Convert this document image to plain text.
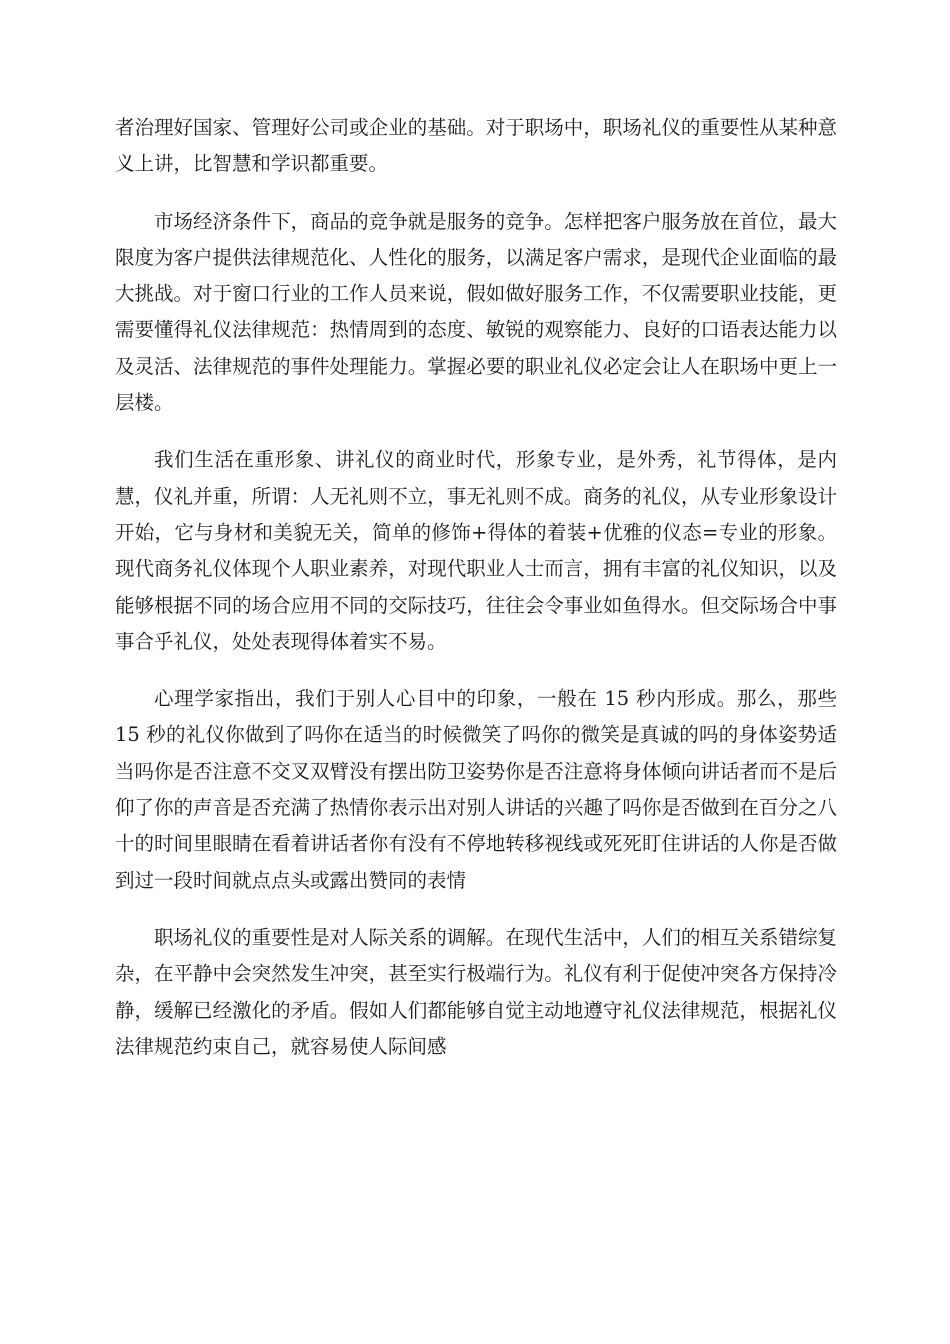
者治理好国家、管理好公司或企业的基础。对于职场中，职场礼仪的重要性从某种意义上讲，比智慧和学识都重要。

市场经济条件下，商品的竞争就是服务的竞争。怎样把客户服务放在首位，最大限度为客户提供法律规范化、人性化的服务，以满足客户需求，是现代企业面临的最大挑战。对于窗口行业的工作人员来说，假如做好服务工作，不仅需要职业技能，更需要懂得礼仪法律规范：热情周到的态度、敏锐的观察能力、良好的口语表达能力以及灵活、法律规范的事件处理能力。掌握必要的职业礼仪必定会让人在职场中更上一层楼。

我们生活在重形象、讲礼仪的商业时代，形象专业，是外秀，礼节得体，是内慧，仪礼并重，所谓：人无礼则不立，事无礼则不成。商务的礼仪，从专业形象设计开始，它与身材和美貌无关，简单的修饰+得体的着装+优雅的仪态=专业的形象。现代商务礼仪体现个人职业素养，对现代职业人士而言，拥有丰富的礼仪知识，以及能够根据不同的场合应用不同的交际技巧，往往会令事业如鱼得水。但交际场合中事事合乎礼仪，处处表现得体着实不易。

心理学家指出，我们于别人心目中的印象，一般在 15 秒内形成。那么，那些 15 秒的礼仪你做到了吗你在适当的时候微笑了吗你的微笑是真诚的吗的身体姿势适当吗你是否注意不交叉双臂没有摆出防卫姿势你是否注意将身体倾向讲话者而不是后仰了你的声音是否充满了热情你表示出对别人讲话的兴趣了吗你是否做到在百分之八十的时间里眼睛在看着讲话者你有没有不停地转移视线或死死盯住讲话的人你是否做到过一段时间就点点头或露出赞同的表情

职场礼仪的重要性是对人际关系的调解。在现代生活中，人们的相互关系错综复杂，在平静中会突然发生冲突，甚至实行极端行为。礼仪有利于促使冲突各方保持冷静，缓解已经激化的矛盾。假如人们都能够自觉主动地遵守礼仪法律规范，根据礼仪法律规范约束自己，就容易使人际间感
